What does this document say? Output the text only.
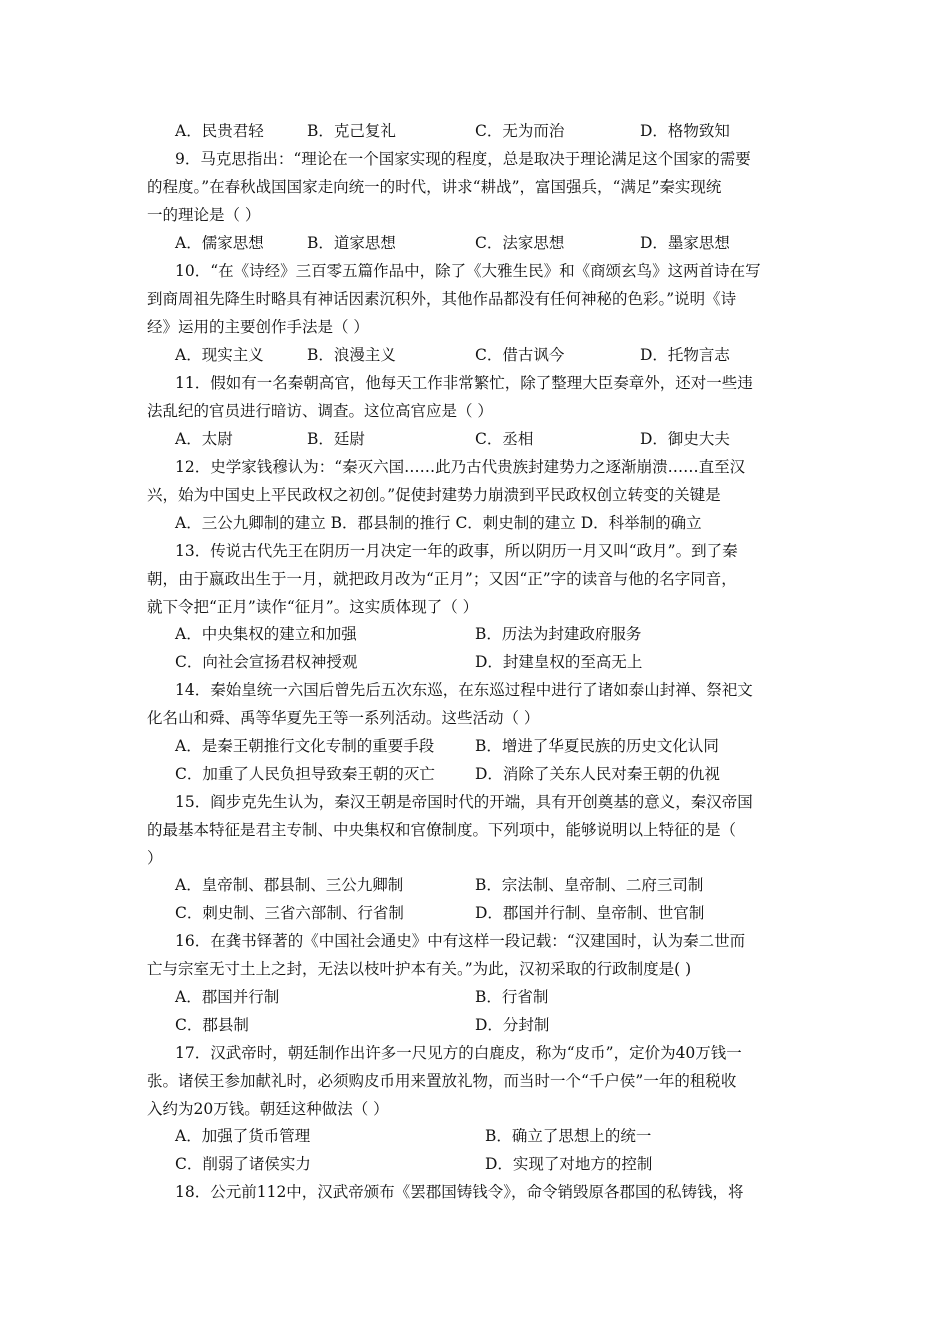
A．民贵君轻	B．克己复礼	C．无为而治	D．格物致知
9．马克思指出：“理论在一个国家实现的程度，总是取决于理论满足这个国家的需要
的程度。”在春秋战国国家走向统一的时代，讲求“耕战”，富国强兵，“满足”秦实现统
一的理论是（ ）
A．儒家思想	B．道家思想	C．法家思想	D．墨家思想
10．“在《诗经》三百零五篇作品中，除了《大雅生民》和《商颂玄鸟》这两首诗在写
到商周祖先降生时略具有神话因素沉积外，其他作品都没有任何神秘的色彩。”说明《诗
经》运用的主要创作手法是（ ）
A．现实主义	B．浪漫主义	C．借古讽今	D．托物言志
11．假如有一名秦朝高官，他每天工作非常繁忙，除了整理大臣奏章外，还对一些违
法乱纪的官员进行暗访、调查。这位高官应是（ ）
A．太尉	B．廷尉	C．丞相	D．御史大夫
12．史学家钱穆认为：“秦灭六国……此乃古代贵族封建势力之逐渐崩溃……直至汉
兴，始为中国史上平民政权之初创。”促使封建势力崩溃到平民政权创立转变的关键是
A．三公九卿制的建立 B．郡县制的推行 C．刺史制的建立 D．科举制的确立
13．传说古代先王在阴历一月决定一年的政事，所以阴历一月又叫“政月”。到了秦
朝，由于嬴政出生于一月，就把政月改为“正月”；又因“正”字的读音与他的名字同音，
就下令把“正月”读作“征月”。这实质体现了（ ）
A．中央集权的建立和加强	B．历法为封建政府服务
C．向社会宣扬君权神授观	D．封建皇权的至高无上
14．秦始皇统一六国后曾先后五次东巡，在东巡过程中进行了诸如泰山封禅、祭祀文
化名山和舜、禹等华夏先王等一系列活动。这些活动（ ）
A．是秦王朝推行文化专制的重要手段	B．增进了华夏民族的历史文化认同
C．加重了人民负担导致秦王朝的灭亡	D．消除了关东人民对秦王朝的仇视
15．阎步克先生认为，秦汉王朝是帝国时代的开端，具有开创奠基的意义，秦汉帝国
的最基本特征是君主专制、中央集权和官僚制度。下列项中，能够说明以上特征的是（
）
A．皇帝制、郡县制、三公九卿制	B．宗法制、皇帝制、二府三司制
C．刺史制、三省六部制、行省制	D．郡国并行制、皇帝制、世官制
16．在龚书铎著的《中国社会通史》中有这样一段记载：“汉建国时，认为秦二世而
亡与宗室无寸土上之封，无法以枝叶护本有关。”为此，汉初采取的行政制度是( )
A．郡国并行制	B．行省制
C．郡县制	D．分封制
17．汉武帝时，朝廷制作出许多一尺见方的白鹿皮，称为“皮币”，定价为40万钱一
张。诸侯王参加献礼时，必须购皮币用来置放礼物，而当时一个“千户侯”一年的租税收
入约为20万钱。朝廷这种做法（ ）
A．加强了货币管理	B．确立了思想上的统一
C．削弱了诸侯实力	D．实现了对地方的控制
18．公元前112中，汉武帝颁布《罢郡国铸钱令》，命令销毁原各郡国的私铸钱，将
